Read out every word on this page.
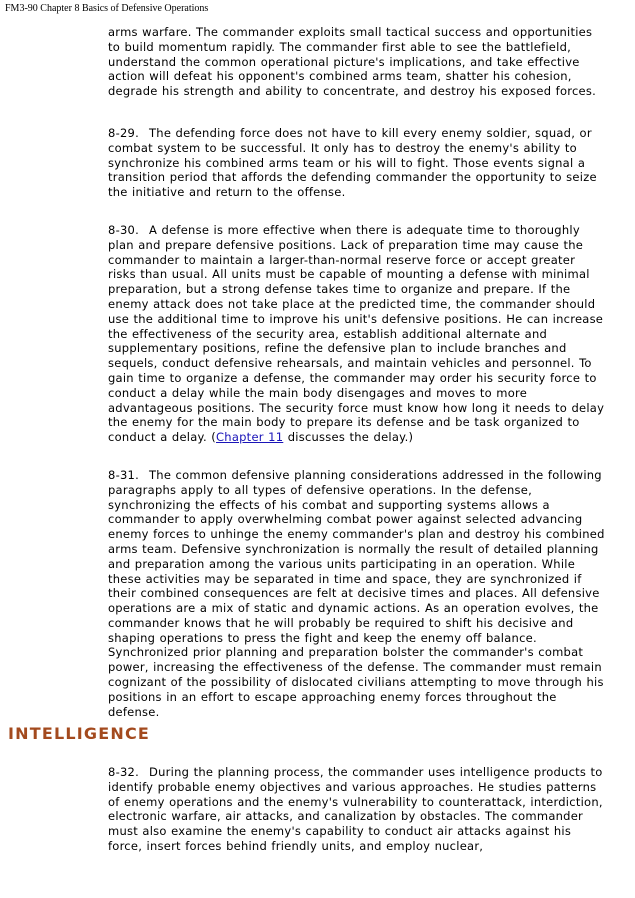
FM3-90 Chapter 8 Basics of Defensive Operations

arms warfare. The commander exploits small tactical success and opportunities to build momentum rapidly. The commander first able to see the battlefield, understand the common operational picture's implications, and take effective action will defeat his opponent's combined arms team, shatter his cohesion, degrade his strength and ability to concentrate, and destroy his exposed forces.

8-29. The defending force does not have to kill every enemy soldier, squad, or combat system to be successful. It only has to destroy the enemy's ability to synchronize his combined arms team or his will to fight. Those events signal a transition period that affords the defending commander the opportunity to seize the initiative and return to the offense.

8-30. A defense is more effective when there is adequate time to thoroughly plan and prepare defensive positions. Lack of preparation time may cause the commander to maintain a larger-than-normal reserve force or accept greater risks than usual. All units must be capable of mounting a defense with minimal preparation, but a strong defense takes time to organize and prepare. If the enemy attack does not take place at the predicted time, the commander should use the additional time to improve his unit's defensive positions. He can increase the effectiveness of the security area, establish additional alternate and supplementary positions, refine the defensive plan to include branches and sequels, conduct defensive rehearsals, and maintain vehicles and personnel. To gain time to organize a defense, the commander may order his security force to conduct a delay while the main body disengages and moves to more advantageous positions. The security force must know how long it needs to delay the enemy for the main body to prepare its defense and be task organized to conduct a delay. (Chapter 11 discusses the delay.)

8-31. The common defensive planning considerations addressed in the following paragraphs apply to all types of defensive operations. In the defense, synchronizing the effects of his combat and supporting systems allows a commander to apply overwhelming combat power against selected advancing enemy forces to unhinge the enemy commander's plan and destroy his combined arms team. Defensive synchronization is normally the result of detailed planning and preparation among the various units participating in an operation. While these activities may be separated in time and space, they are synchronized if their combined consequences are felt at decisive times and places. All defensive operations are a mix of static and dynamic actions. As an operation evolves, the commander knows that he will probably be required to shift his decisive and shaping operations to press the fight and keep the enemy off balance. Synchronized prior planning and preparation bolster the commander's combat power, increasing the effectiveness of the defense. The commander must remain cognizant of the possibility of dislocated civilians attempting to move through his positions in an effort to escape approaching enemy forces throughout the defense.

INTELLIGENCE

8-32. During the planning process, the commander uses intelligence products to identify probable enemy objectives and various approaches. He studies patterns of enemy operations and the enemy's vulnerability to counterattack, interdiction, electronic warfare, air attacks, and canalization by obstacles. The commander must also examine the enemy's capability to conduct air attacks against his force, insert forces behind friendly units, and employ nuclear,
